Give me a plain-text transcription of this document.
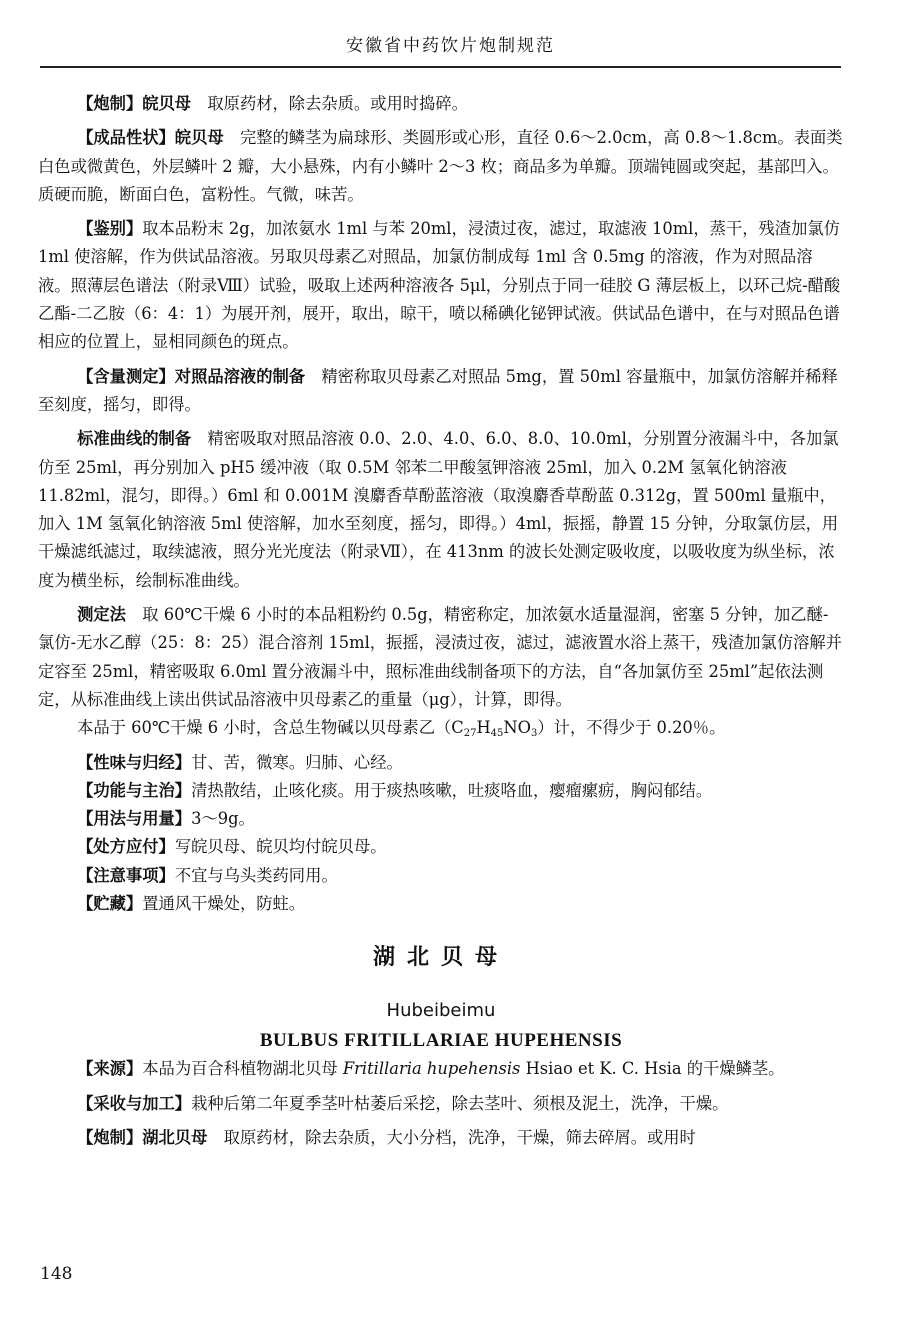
安徽省中药饮片炮制规范

【炮制】皖贝母　取原药材，除去杂质。或用时捣碎。

【成品性状】皖贝母　完整的鳞茎为扁球形、类圆形或心形，直径 0.6～2.0cm，高 0.8～1.8cm。表面类白色或微黄色，外层鳞叶 2 瓣，大小悬殊，内有小鳞叶 2～3 枚；商品多为单瓣。顶端钝圆或突起，基部凹入。质硬而脆，断面白色，富粉性。气微，味苦。

【鉴别】取本品粉末 2g，加浓氨水 1ml 与苯 20ml，浸渍过夜，滤过，取滤液 10ml，蒸干，残渣加氯仿 1ml 使溶解，作为供试品溶液。另取贝母素乙对照品，加氯仿制成每 1ml 含 0.5mg 的溶液，作为对照品溶液。照薄层色谱法（附录Ⅷ）试验，吸取上述两种溶液各 5μl，分别点于同一硅胶 G 薄层板上，以环己烷-醋酸乙酯-二乙胺（6：4：1）为展开剂，展开，取出，晾干，喷以稀碘化铋钾试液。供试品色谱中，在与对照品色谱相应的位置上，显相同颜色的斑点。

【含量测定】对照品溶液的制备　精密称取贝母素乙对照品 5mg，置 50ml 容量瓶中，加氯仿溶解并稀释至刻度，摇匀，即得。

标准曲线的制备　精密吸取对照品溶液 0.0、2.0、4.0、6.0、8.0、10.0ml，分别置分液漏斗中，各加氯仿至 25ml，再分别加入 pH5 缓冲液（取 0.5M 邻苯二甲酸氢钾溶液 25ml，加入 0.2M 氢氧化钠溶液 11.82ml，混匀，即得。）6ml 和 0.001M 溴麝香草酚蓝溶液（取溴麝香草酚蓝 0.312g，置 500ml 量瓶中，加入 1M 氢氧化钠溶液 5ml 使溶解，加水至刻度，摇匀，即得。）4ml，振摇，静置 15 分钟，分取氯仿层，用干燥滤纸滤过，取续滤液，照分光光度法（附录Ⅶ），在 413nm 的波长处测定吸收度，以吸收度为纵坐标，浓度为横坐标，绘制标准曲线。

测定法　取 60℃干燥 6 小时的本品粗粉约 0.5g，精密称定，加浓氨水适量湿润，密塞 5 分钟，加乙醚-氯仿-无水乙醇（25：8：25）混合溶剂 15ml，振摇，浸渍过夜，滤过，滤液置水浴上蒸干，残渣加氯仿溶解并定容至 25ml，精密吸取 6.0ml 置分液漏斗中，照标准曲线制备项下的方法，自“各加氯仿至 25ml”起依法测定，从标准曲线上读出供试品溶液中贝母素乙的重量（μg），计算，即得。

本品于 60℃干燥 6 小时，含总生物碱以贝母素乙$(C_{27}H_{45}NO_3)$计，不得少于 0.20％。

【性味与归经】甘、苦，微寒。归肺、心经。

【功能与主治】清热散结，止咳化痰。用于痰热咳嗽，吐痰咯血，瘿瘤瘰疬，胸闷郁结。

【用法与用量】3～9g。

【处方应付】写皖贝母、皖贝均付皖贝母。

【注意事项】不宜与乌头类药同用。

【贮藏】置通风干燥处，防蛀。

湖北贝母

Hubeibeimu

BULBUS FRITILLARIAE HUPEHENSIS

【来源】本品为百合科植物湖北贝母 Fritillaria hupehensis Hsiao et K. C. Hsia 的干燥鳞茎。

【采收与加工】栽种后第二年夏季茎叶枯萎后采挖，除去茎叶、须根及泥土，洗净，干燥。

【炮制】湖北贝母　取原药材，除去杂质，大小分档，洗净，干燥，筛去碎屑。或用时

148
